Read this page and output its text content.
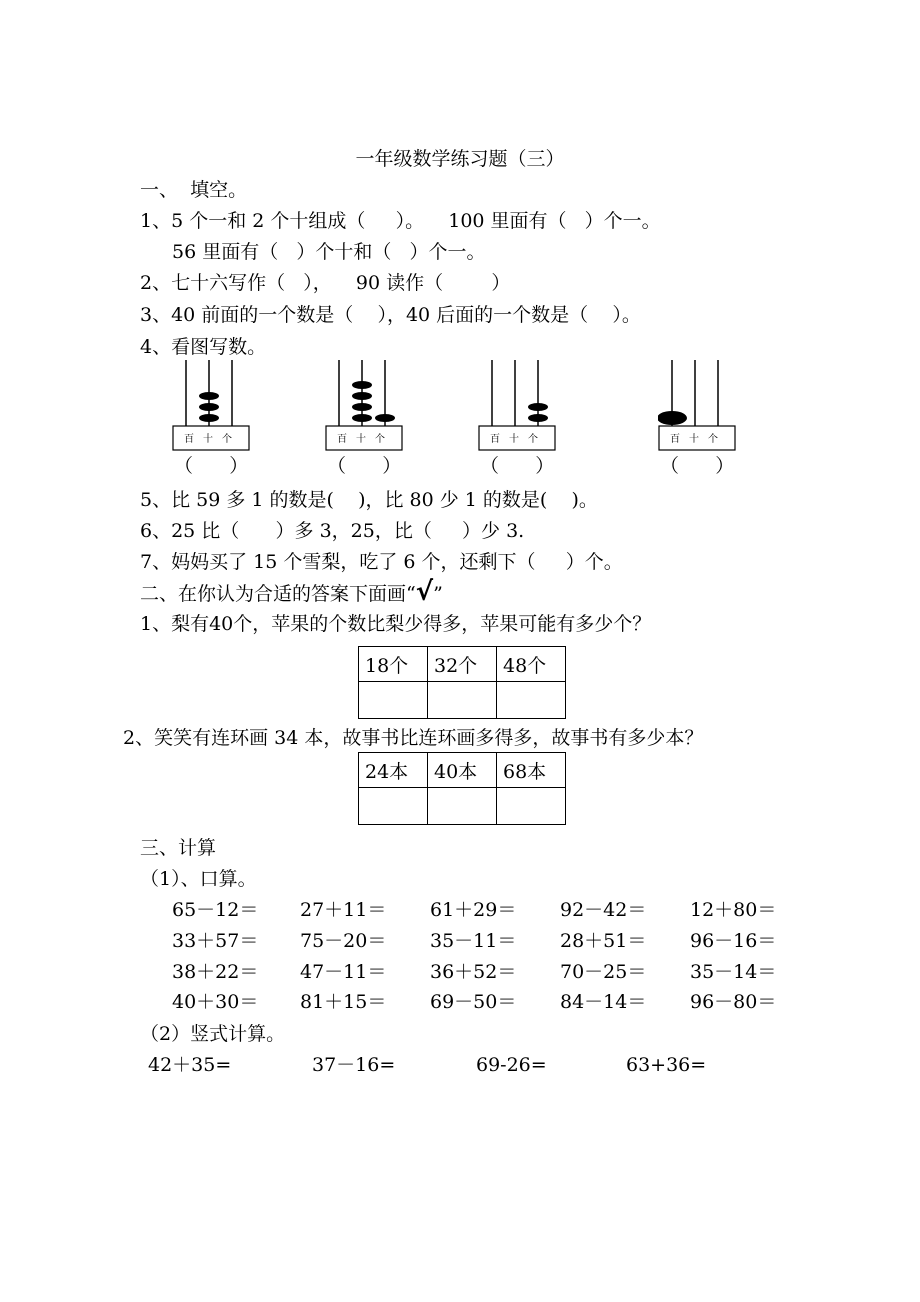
一年级数学练习题（三）
一、  填空。
1、5 个一和 2 个十组成（     ）。    100 里面有（   ）个一。
56 里面有（   ）个十和（   ）个一。
2、七十六写作（   ），    90 读作（        ）
3、40 前面的一个数是（    ），40 后面的一个数是（    ）。
4、看图写数。
百 十 个
（      ）
百 十 个
（      ）
百 十 个
（      ）
百 十 个
（      ）
5、比 59 多 1 的数是(    )，比 80 少 1 的数是(    )。
6、25 比（      ）多 3，25，比（     ）少 3.
7、妈妈买了 15 个雪梨，吃了 6 个，还剩下（     ）个。
二、在你认为合适的答案下面画“√”
1、梨有40个，苹果的个数比梨少得多，苹果可能有多少个？
18个	32个	48个

2、笑笑有连环画 34 本，故事书比连环画多得多，故事书有多少本？
24本	40本	68本

三、计算
（1）、口算。
65－12＝ 27＋11＝ 61＋29＝ 92－42＝ 12＋80＝
33＋57＝ 75－20＝ 35－11＝ 28＋51＝ 96－16＝
38＋22＝ 47－11＝ 36＋52＝ 70－25＝ 35－14＝
40＋30＝ 81＋15＝ 69－50＝ 84－14＝ 96－80＝
（2）竖式计算。
42＋35=	37－16=	69-26=	63+36=
